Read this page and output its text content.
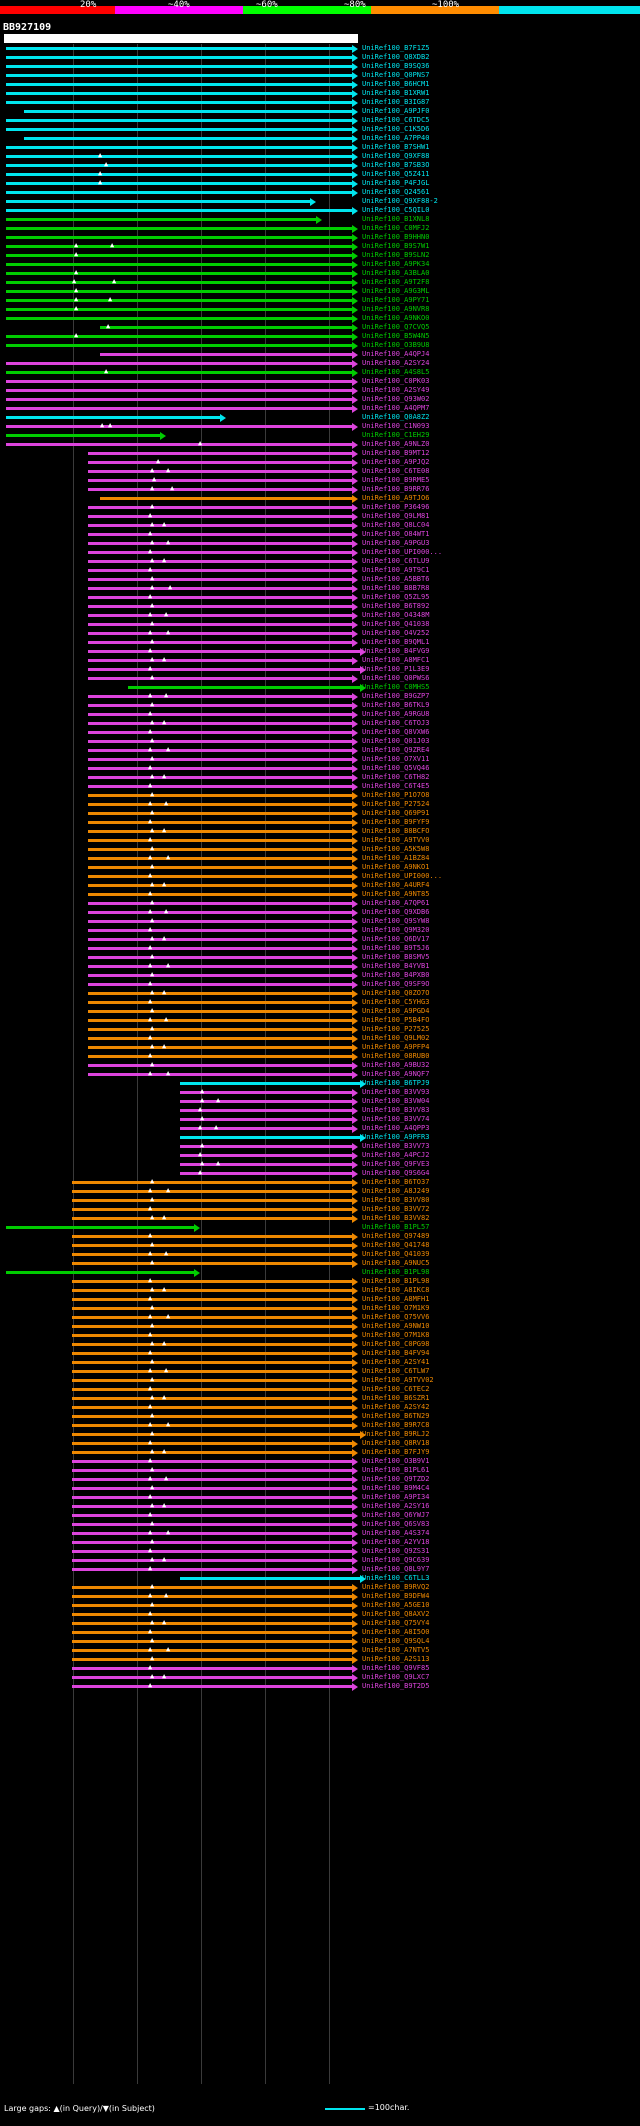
20%	~40%	~60%	~80%	~100%
BB927109
|1	560|
UniRef100_B7F1Z5
UniRef100_Q8XDB2
UniRef100_B9SQ36
UniRef100_Q0PNS7
UniRef100_B6HCM1
UniRef100_B1XRW1
UniRef100_B3IG87
UniRef100_A9PJF0
UniRef100_C6TDC5
UniRef100_C1K5D6
UniRef100_A7PP40
UniRef100_B7SHW1
▲	UniRef100_Q9XF88
▲	UniRef100_B7SB3O
▲	UniRef100_Q5Z411
▲	UniRef100_P4FJGL
UniRef100_Q24561
UniRef100_Q9XF88-2
UniRef100_C5QIL0
UniRef100_B1XNL8
UniRef100_C0MFJ2
UniRef100_B9HHN0
▲	▲	UniRef100_B9S7W1
▲	UniRef100_B9SLN2
UniRef100_A9PK34
▲	UniRef100_A3BLA0
▲	▲	UniRef100_A9T2F8
▲	UniRef100_A9G3ML
▲	▲	UniRef100_A9PY71
▲	UniRef100_A9NVR8
UniRef100_A9NKO0
▲	UniRef100_Q7CVQ5
▲	UniRef100_B5W4N5
UniRef100_O3B9U8
UniRef100_A4QPJ4
UniRef100_A2SY24
▲	UniRef100_A4S8L5
UniRef100_C0PK03
UniRef100_A2SY49
UniRef100_Q93W02
UniRef100_A4QPM7
UniRef100_Q0A8Z2
▲ ▲	UniRef100_C1N093
UniRef100_C1EH29
▲	UniRef100_A9NLZ0
UniRef100_B9MT12
▲	UniRef100_A9PJQ2
▲ ▲	UniRef100_C6TE08
▲	UniRef100_B9RME5
▲ ▲	UniRef100_B9RR76
UniRef100_A9TJO6
▲	UniRef100_P36496
▲	UniRef100_Q9LM81
▲ ▲	UniRef100_Q8LC04
▲	UniRef100_O84WT1
▲ ▲	UniRef100_A9PGU3
▲	UniRef100_UPI000...
▲ ▲	UniRef100_C6TLU9
▲	UniRef100_A9T9C1
▲	UniRef100_A5BBT6
▲ ▲	UniRef100_B8B7R8
▲	UniRef100_Q5ZL95
▲	UniRef100_B6T892
▲ ▲	UniRef100_O4348M
▲	UniRef100_Q41038
▲ ▲	UniRef100_O4V252
▲	UniRef100_B9QML1
▲	UniRef100_B4FVG9
▲ ▲	UniRef100_A8MFC1
▲	UniRef100_P1L3E9
▲	UniRef100_Q0PWS6
UniRef100_C0MHS5
▲ ▲	UniRef100_B9GZP7
▲	UniRef100_B6TKL9
▲	UniRef100_A9RGU8
▲ ▲	UniRef100_C6TOJ3
▲	UniRef100_Q8VXW6
▲	UniRef100_Q01J03
▲ ▲	UniRef100_Q9ZRE4
▲	UniRef100_O7XV11
▲	UniRef100_Q5VQ46
▲ ▲	UniRef100_C6TH82
▲	UniRef100_C6T4E5
▲	UniRef100_P1O7O8
▲ ▲	UniRef100_P27524
▲	UniRef100_Q69P91
▲	UniRef100_B9FYF9
▲ ▲	UniRef100_B8BCFO
▲	UniRef100_A9TVV0
▲	UniRef100_A5K5W8
▲ ▲	UniRef100_A1BZ84
▲	UniRef100_A9NKO1
▲	UniRef100_UPI000...
▲ ▲	UniRef100_A4URF4
▲	UniRef100_A9NT85
▲	UniRef100_A7QP61
▲ ▲	UniRef100_Q9XDB6
▲	UniRef100_Q9SYW8
▲	UniRef100_Q9M320
▲ ▲	UniRef100_Q6DV17
▲	UniRef100_B9T5J6
▲	UniRef100_B8SMV5
▲ ▲	UniRef100_B4YVB1
▲	UniRef100_B4PXB0
▲	UniRef100_Q9SF9O
▲ ▲	UniRef100_Q0ZO7O
▲	UniRef100_C5YHG3
▲	UniRef100_A9PGD4
▲ ▲	UniRef100_P5B4FO
▲	UniRef100_P27525
▲	UniRef100_Q9LM02
▲ ▲	UniRef100_A9PFP4
▲	UniRef100_08RUB0
▲	UniRef100_A9BU32
▲ ▲	UniRef100_A9NQF7
UniRef100_B6TPJ9
▲	UniRef100_B3VV93
▲ ▲	UniRef100_B3VW04
▲	UniRef100_B3VV83
▲	UniRef100_B3VV74
▲ ▲	UniRef100_A4QPP3
UniRef100_A9PFR3
▲	UniRef100_B3VV73
▲	UniRef100_A4PCJ2
▲ ▲	UniRef100_Q9FVE3
▲	UniRef100_Q9S6G4
▲	UniRef100_B6TO37
▲ ▲	UniRef100_A8J249
▲	UniRef100_B3VV80
▲	UniRef100_B3VV72
▲ ▲	UniRef100_B3VV82
UniRef100_B1PL57
▲	UniRef100_Q97489
▲	UniRef100_Q41748
▲ ▲	UniRef100_Q41039
▲	UniRef100_A9NUC5
UniRef100_B1PL98
▲	UniRef100_B1PL98
▲ ▲	UniRef100_A8IKC8
▲	UniRef100_A8MFH1
▲	UniRef100_O7M1K9
▲ ▲	UniRef100_Q75VV6
▲	UniRef100_A9NW10
▲	UniRef100_O7M1K8
▲ ▲	UniRef100_C0PG98
▲	UniRef100_B4FV94
▲	UniRef100_A2SY41
▲ ▲	UniRef100_C6TLW7
▲	UniRef100_A9TVV02
▲	UniRef100_C6TEC2
▲ ▲	UniRef100_B6SZR1
▲	UniRef100_A2SY42
▲	UniRef100_B6TN29
▲ ▲	UniRef100_B9R7C8
▲	UniRef100_B9RLJ2
▲	UniRef100_Q8RV18
▲ ▲	UniRef100_B7FJY9
▲	UniRef100_O3B9V1
▲	UniRef100_B1PL61
▲ ▲	UniRef100_Q9TZD2
▲	UniRef100_B9M4C4
▲	UniRef100_A9PI34
▲ ▲	UniRef100_A2SY16
▲	UniRef100_Q6YWJ7
▲	UniRef100_Q6SV83
▲ ▲	UniRef100_A4S374
▲	UniRef100_A2YV18
▲	UniRef100_Q9ZS31
▲ ▲	UniRef100_Q9C639
▲	UniRef100_Q8L9Y7
UniRef100_C6TLL3
▲	UniRef100_B9RVQ2
▲ ▲	UniRef100_B9DFW4
▲	UniRef100_A5GE10
▲	UniRef100_Q8AXV2
▲ ▲	UniRef100_Q75VY4
▲	UniRef100_A8I5O0
▲	UniRef100_Q9SQL4
▲ ▲	UniRef100_A7NTV5
▲	UniRef100_A2S113
▲	UniRef100_Q9VF85
▲ ▲	UniRef100_Q9LXC7
▲	UniRef100_B9T2D5
Large gaps: ▲(in Query)/▼(in Subject)	=100char.
